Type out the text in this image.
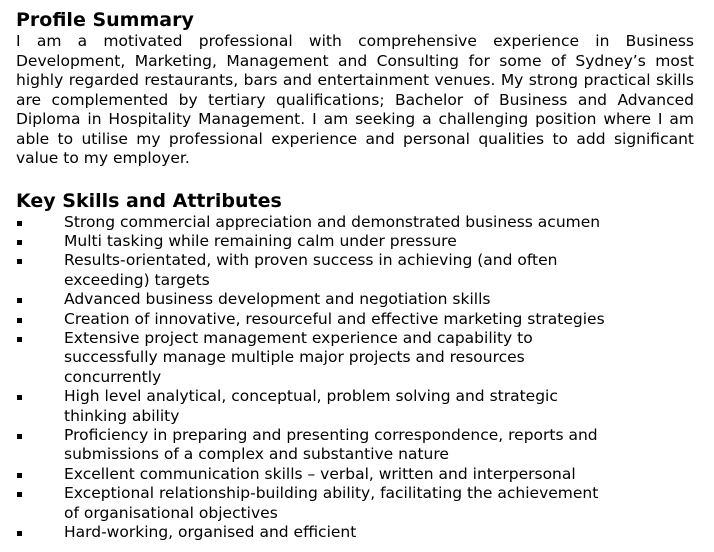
Profile Summary

I am a motivated professional with comprehensive experience in Business Development, Marketing, Management and Consulting for some of Sydney’s most highly regarded restaurants, bars and entertainment venues. My strong practical skills are complemented by tertiary qualifications; Bachelor of Business and Advanced Diploma in Hospitality Management. I am seeking a challenging position where I am able to utilise my professional experience and personal qualities to add significant value to my employer.

Key Skills and Attributes
Strong commercial appreciation and demonstrated business acumen
Multi tasking while remaining calm under pressure
Results-orientated, with proven success in achieving (and often exceeding) targets
Advanced business development and negotiation skills
Creation of innovative, resourceful and effective marketing strategies
Extensive project management experience and capability to successfully manage multiple major projects and resources concurrently
High level analytical, conceptual, problem solving and strategic thinking ability
Proficiency in preparing and presenting correspondence, reports and submissions of a complex and substantive nature
Excellent communication skills – verbal, written and interpersonal
Exceptional relationship-building ability, facilitating the achievement of organisational objectives
Hard-working, organised and efficient
